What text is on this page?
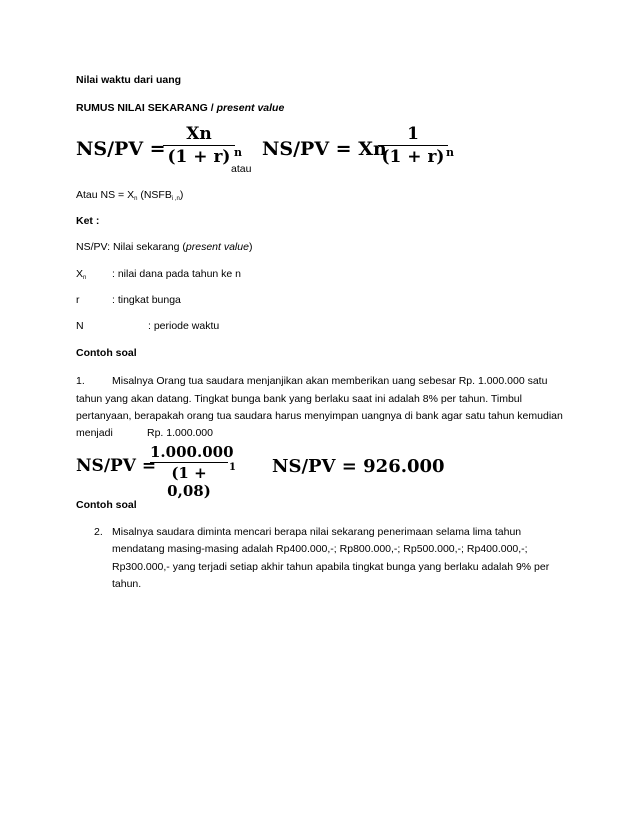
Nilai waktu dari uang
RUMUS NILAI SEKARANG / present value
NS/PV =
Xn
(1 + r) n
atau
NS/PV = Xn
1
(1 + r) n
Atau NS = $X_n$ $(NSFB_{i ,n})$
Ket :
NS/PV: Nilai sekarang (present value)
$X_n$ : nilai dana pada tahun ke n
r	: tingkat bunga
N	: periode waktu
Contoh soal
1.	Misalnya Orang tua saudara menjanjikan akan memberikan uang sebesar Rp. 1.000.000 satu
tahun yang akan datang. Tingkat bunga bank yang berlaku saat ini adalah 8% per tahun. Timbul
pertanyaan, berapakah orang tua saudara harus menyimpan uangnya di bank agar satu tahun kemudian
menjadi	Rp. 1.000.000
NS/PV =
1.000.000
(1 + 0,08)
1 NS/PV = 926.000
Contoh soal
2. Misalnya saudara diminta mencari berapa nilai sekarang penerimaan selama lima tahun
mendatang masing-masing adalah Rp400.000,-; Rp800.000,-; Rp500.000,-; Rp400.000,-;
Rp300.000,- yang terjadi setiap akhir tahun apabila tingkat bunga yang berlaku adalah 9% per
tahun.
